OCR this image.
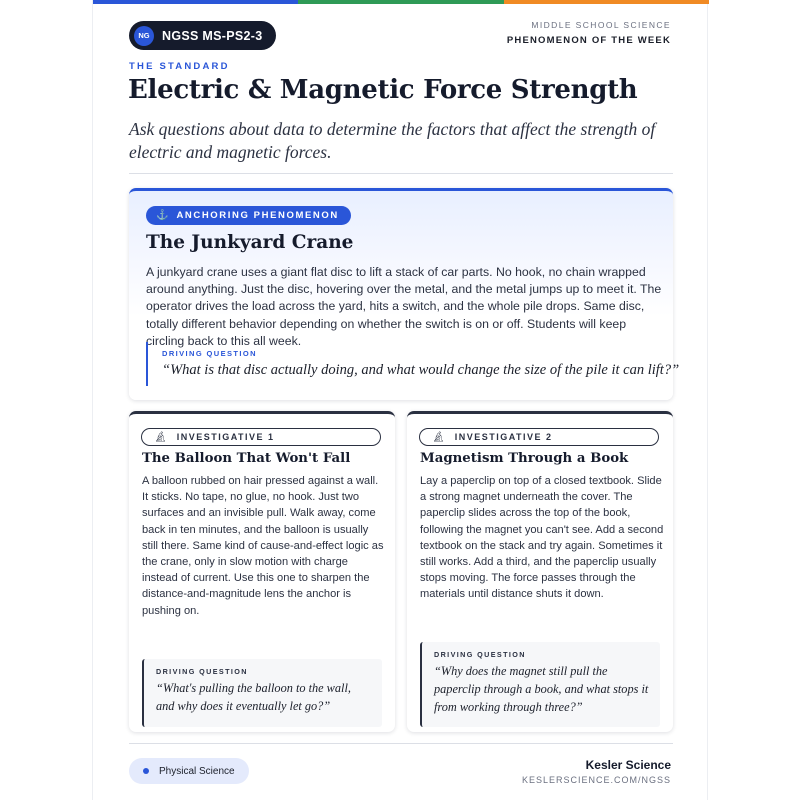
NG NGSS MS-PS2-3
MIDDLE SCHOOL SCIENCE
PHENOMENON OF THE WEEK
THE STANDARD
Electric & Magnetic Force Strength

Ask questions about data to determine the factors that affect the strength of electric and magnetic forces.

⚓ ANCHORING PHENOMENON
The Junkyard Crane

A junkyard crane uses a giant flat disc to lift a stack of car parts. No hook, no chain wrapped around anything. Just the disc, hovering over the metal, and the metal jumps up to meet it. The operator drives the load across the yard, hits a switch, and the whole pile drops. Same disc, totally different behavior depending on whether the switch is on or off. Students will keep circling back to this all week.

DRIVING QUESTION
“What is that disc actually doing, and what would change the size of the pile it can lift?”
🔬︎ INVESTIGATIVE 1
The Balloon That Won't Fall

A balloon rubbed on hair pressed against a wall. It sticks. No tape, no glue, no hook. Just two surfaces and an invisible pull. Walk away, come back in ten minutes, and the balloon is usually still there. Same kind of cause-and-effect logic as the crane, only in slow motion with charge instead of current. Use this one to sharpen the distance-and-magnitude lens the anchor is pushing on.

DRIVING QUESTION
“What's pulling the balloon to the wall, and why does it eventually let go?”
🔬︎ INVESTIGATIVE 2
Magnetism Through a Book

Lay a paperclip on top of a closed textbook. Slide a strong magnet underneath the cover. The paperclip slides across the top of the book, following the magnet you can't see. Add a second textbook on the stack and try again. Sometimes it still works. Add a third, and the paperclip usually stops moving. The force passes through the materials until distance shuts it down.

DRIVING QUESTION
“Why does the magnet still pull the paperclip through a book, and what stops it from working through three?”
Physical Science	Kesler Science
KESLERSCIENCE.COM/NGSS
